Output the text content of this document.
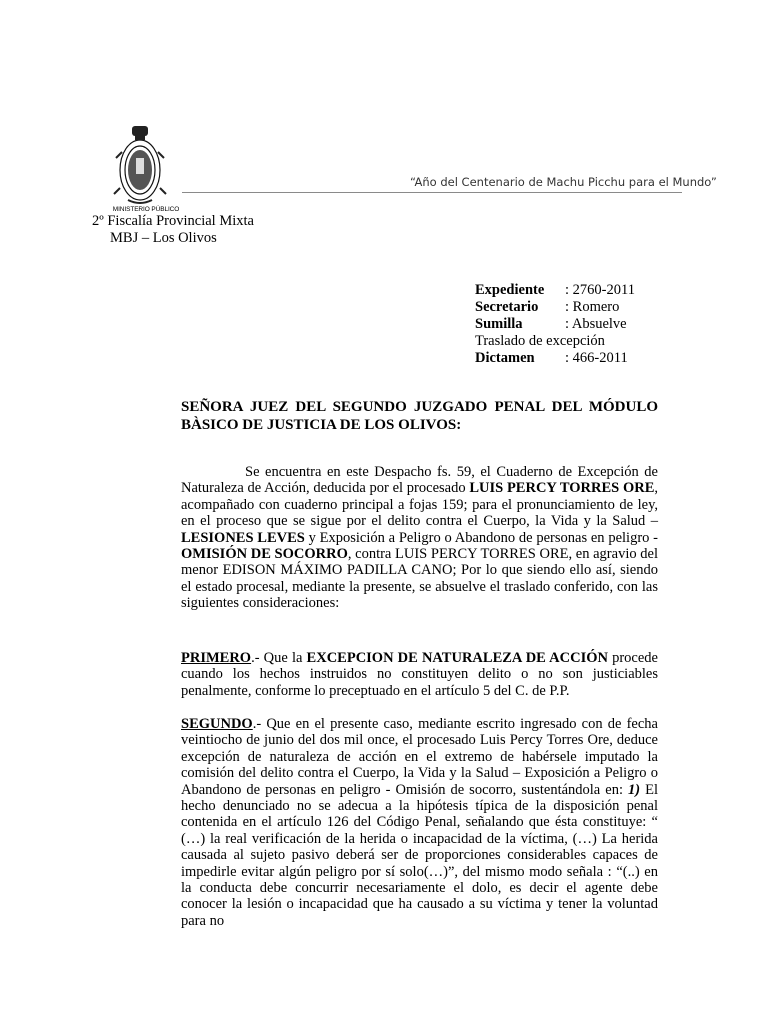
MINISTERIO PÚBLICO
“Año del Centenario de Machu Picchu para el Mundo”
2º Fiscalía Provincial Mixta
MBJ – Los Olivos
Expediente	: 2760-2011
Secretario	: Romero
Sumilla	: Absuelve
Traslado de excepción
Dictamen	: 466-2011
SEÑORA JUEZ DEL SEGUNDO JUZGADO PENAL DEL MÓDULO BÀSICO DE JUSTICIA DE LOS OLIVOS:
Se encuentra en este Despacho fs. 59, el Cuaderno de Excepción de Naturaleza de Acción, deducida por el procesado LUIS PERCY TORRES ORE, acompañado con cuaderno principal a fojas 159; para el pronunciamiento de ley, en el proceso que se sigue por el delito contra el Cuerpo, la Vida y la Salud – LESIONES LEVES y Exposición a Peligro o Abandono de personas en peligro - OMISIÓN DE SOCORRO, contra LUIS PERCY TORRES ORE, en agravio del menor EDISON MÁXIMO PADILLA CANO; Por lo que siendo ello así, siendo el estado procesal, mediante la presente, se absuelve el traslado conferido, con las siguientes consideraciones:
PRIMERO.- Que la EXCEPCION DE NATURALEZA DE ACCIÓN procede cuando los hechos instruidos no constituyen delito o no son justiciables penalmente, conforme lo preceptuado en el artículo 5 del C. de P.P.
SEGUNDO.- Que en el presente caso, mediante escrito ingresado con de fecha veintiocho de junio del dos mil once, el procesado Luis Percy Torres Ore, deduce excepción de naturaleza de acción en el extremo de habérsele imputado la comisión del delito contra el Cuerpo, la Vida y la Salud – Exposición a Peligro o Abandono de personas en peligro - Omisión de socorro, sustentándola en: 1) El hecho denunciado no se adecua a la hipótesis típica de la disposición penal contenida en el artículo 126 del Código Penal, señalando que ésta constituye: “ (…) la real verificación de la herida o incapacidad de la víctima, (…) La herida causada al sujeto pasivo deberá ser de proporciones considerables capaces de impedirle evitar algún peligro por sí solo(…)”, del mismo modo señala : “(..) en la conducta debe concurrir necesariamente el dolo, es decir el agente debe conocer la lesión o incapacidad que ha causado a su víctima y tener la voluntad para no
